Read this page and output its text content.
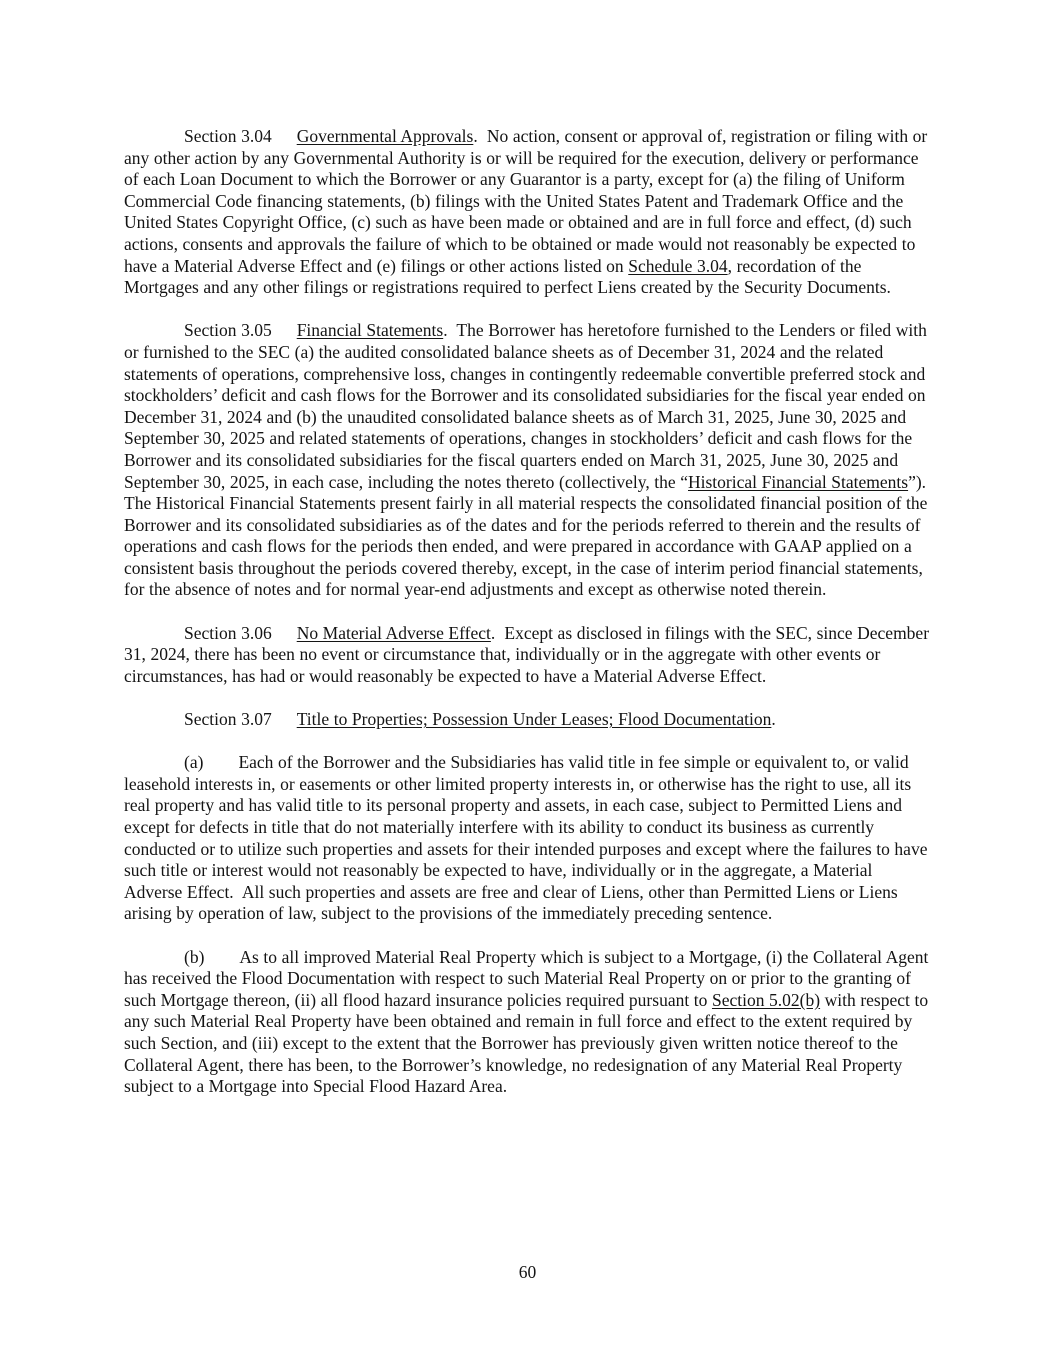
Section 3.04 Governmental Approvals.  No action, consent or approval of, registration or filing with or any other action by any Governmental Authority is or will be required for the execution, delivery or performance of each Loan Document to which the Borrower or any Guarantor is a party, except for (a) the filing of Uniform Commercial Code financing statements, (b) filings with the United States Patent and Trademark Office and the United States Copyright Office, (c) such as have been made or obtained and are in full force and effect, (d) such actions, consents and approvals the failure of which to be obtained or made would not reasonably be expected to have a Material Adverse Effect and (e) filings or other actions listed on Schedule 3.04, recordation of the Mortgages and any other filings or registrations required to perfect Liens created by the Security Documents.

Section 3.05 Financial Statements.  The Borrower has heretofore furnished to the Lenders or filed with or furnished to the SEC (a) the audited consolidated balance sheets as of December 31, 2024 and the related statements of operations, comprehensive loss, changes in contingently redeemable convertible preferred stock and stockholders’ deficit and cash flows for the Borrower and its consolidated subsidiaries for the fiscal year ended on December 31, 2024 and (b) the unaudited consolidated balance sheets as of March 31, 2025, June 30, 2025 and September 30, 2025 and related statements of operations, changes in stockholders’ deficit and cash flows for the Borrower and its consolidated subsidiaries for the fiscal quarters ended on March 31, 2025, June 30, 2025 and September 30, 2025, in each case, including the notes thereto (collectively, the “Historical Financial Statements”). The Historical Financial Statements present fairly in all material respects the consolidated financial position of the Borrower and its consolidated subsidiaries as of the dates and for the periods referred to therein and the results of operations and cash flows for the periods then ended, and were prepared in accordance with GAAP applied on a consistent basis throughout the periods covered thereby, except, in the case of interim period financial statements, for the absence of notes and for normal year-end adjustments and except as otherwise noted therein.

Section 3.06 No Material Adverse Effect.  Except as disclosed in filings with the SEC, since December 31, 2024, there has been no event or circumstance that, individually or in the aggregate with other events or circumstances, has had or would reasonably be expected to have a Material Adverse Effect.

Section 3.07 Title to Properties; Possession Under Leases; Flood Documentation.

(a) Each of the Borrower and the Subsidiaries has valid title in fee simple or equivalent to, or valid leasehold interests in, or easements or other limited property interests in, or otherwise has the right to use, all its real property and has valid title to its personal property and assets, in each case, subject to Permitted Liens and except for defects in title that do not materially interfere with its ability to conduct its business as currently conducted or to utilize such properties and assets for their intended purposes and except where the failures to have such title or interest would not reasonably be expected to have, individually or in the aggregate, a Material Adverse Effect.  All such properties and assets are free and clear of Liens, other than Permitted Liens or Liens arising by operation of law, subject to the provisions of the immediately preceding sentence.

(b) As to all improved Material Real Property which is subject to a Mortgage, (i) the Collateral Agent has received the Flood Documentation with respect to such Material Real Property on or prior to the granting of such Mortgage thereon, (ii) all flood hazard insurance policies required pursuant to Section 5.02(b) with respect to any such Material Real Property have been obtained and remain in full force and effect to the extent required by such Section, and (iii) except to the extent that the Borrower has previously given written notice thereof to the Collateral Agent, there has been, to the Borrower’s knowledge, no redesignation of any Material Real Property subject to a Mortgage into Special Flood Hazard Area.

60
